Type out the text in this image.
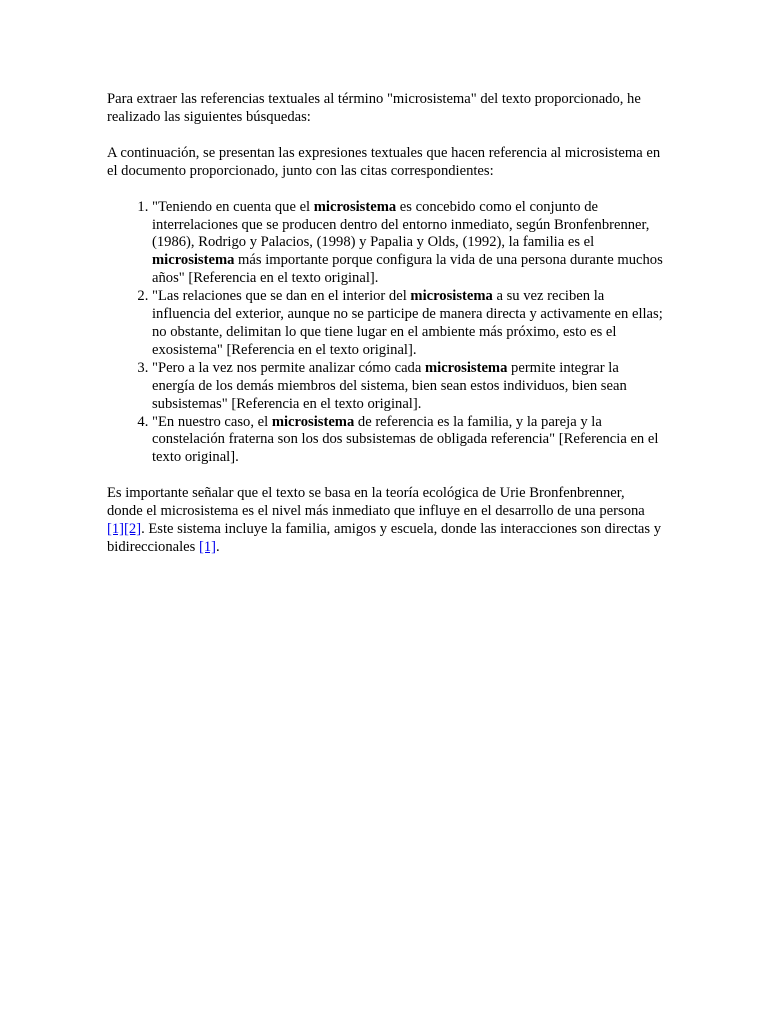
Para extraer las referencias textuales al término "microsistema" del texto proporcionado, he realizado las siguientes búsquedas:

A continuación, se presentan las expresiones textuales que hacen referencia al microsistema en el documento proporcionado, junto con las citas correspondientes:

1. "Teniendo en cuenta que el microsistema es concebido como el conjunto de interrelaciones que se producen dentro del entorno inmediato, según Bronfenbrenner, (1986), Rodrigo y Palacios, (1998) y Papalia y Olds, (1992), la familia es el microsistema más importante porque configura la vida de una persona durante muchos años" [Referencia en el texto original].
2. "Las relaciones que se dan en el interior del microsistema a su vez reciben la influencia del exterior, aunque no se participe de manera directa y activamente en ellas; no obstante, delimitan lo que tiene lugar en el ambiente más próximo, esto es el exosistema" [Referencia en el texto original].
3. "Pero a la vez nos permite analizar cómo cada microsistema permite integrar la energía de los demás miembros del sistema, bien sean estos individuos, bien sean subsistemas" [Referencia en el texto original].
4. "En nuestro caso, el microsistema de referencia es la familia, y la pareja y la constelación fraterna son los dos subsistemas de obligada referencia" [Referencia en el texto original].

Es importante señalar que el texto se basa en la teoría ecológica de Urie Bronfenbrenner, donde el microsistema es el nivel más inmediato que influye en el desarrollo de una persona [1][2]. Este sistema incluye la familia, amigos y escuela, donde las interacciones son directas y bidireccionales [1].
